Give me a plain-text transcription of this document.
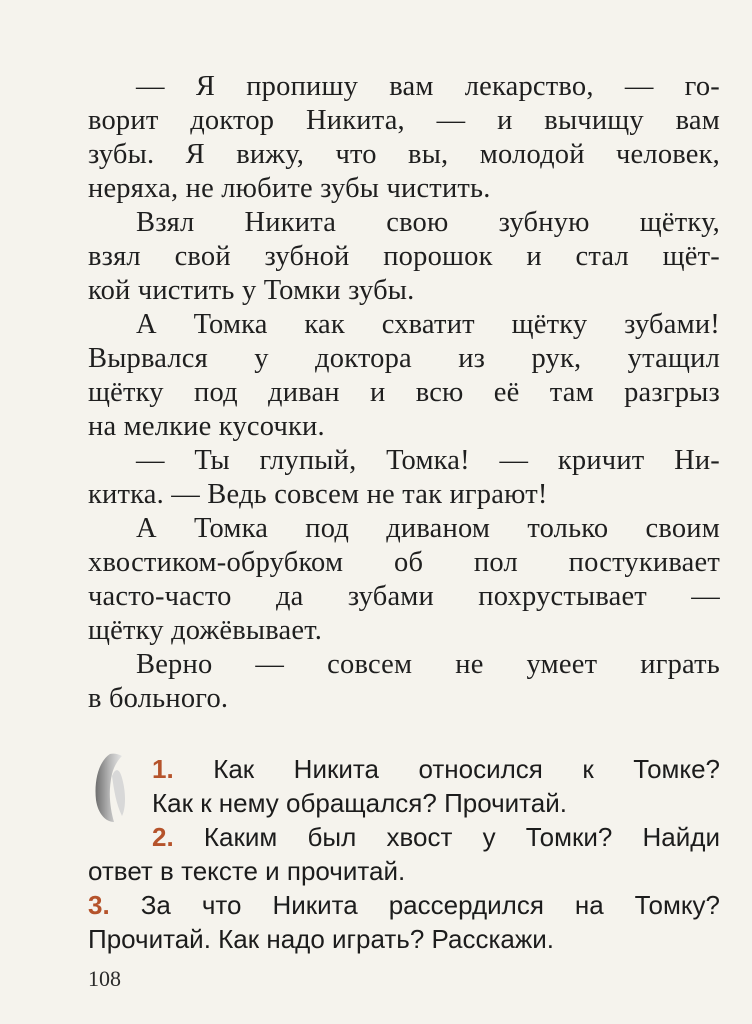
— Я пропишу вам лекарство, — го-
ворит доктор Никита, — и вычищу вам
зубы. Я вижу, что вы, молодой человек,
неряха, не любите зубы чистить.
Взял Никита свою зубную щётку,
взял свой зубной порошок и стал щёт-
кой чистить у Томки зубы.
А Томка как схватит щётку зубами!
Вырвался у доктора из рук, утащил
щётку под диван и всю её там разгрыз
на мелкие кусочки.
— Ты глупый, Томка! — кричит Ни-
китка. — Ведь совсем не так играют!
А Томка под диваном только своим
хвостиком-обрубком об пол постукивает
часто-часто да зубами похрустывает —
щётку дожёвывает.
Верно — совсем не умеет играть
в больного.
1. Как Никита относился к Томке?
Как к нему обращался? Прочитай.
2. Каким был хвост у Томки? Найди
ответ в тексте и прочитай.
3. За что Никита рассердился на Томку?
Прочитай. Как надо играть? Расскажи.
108
